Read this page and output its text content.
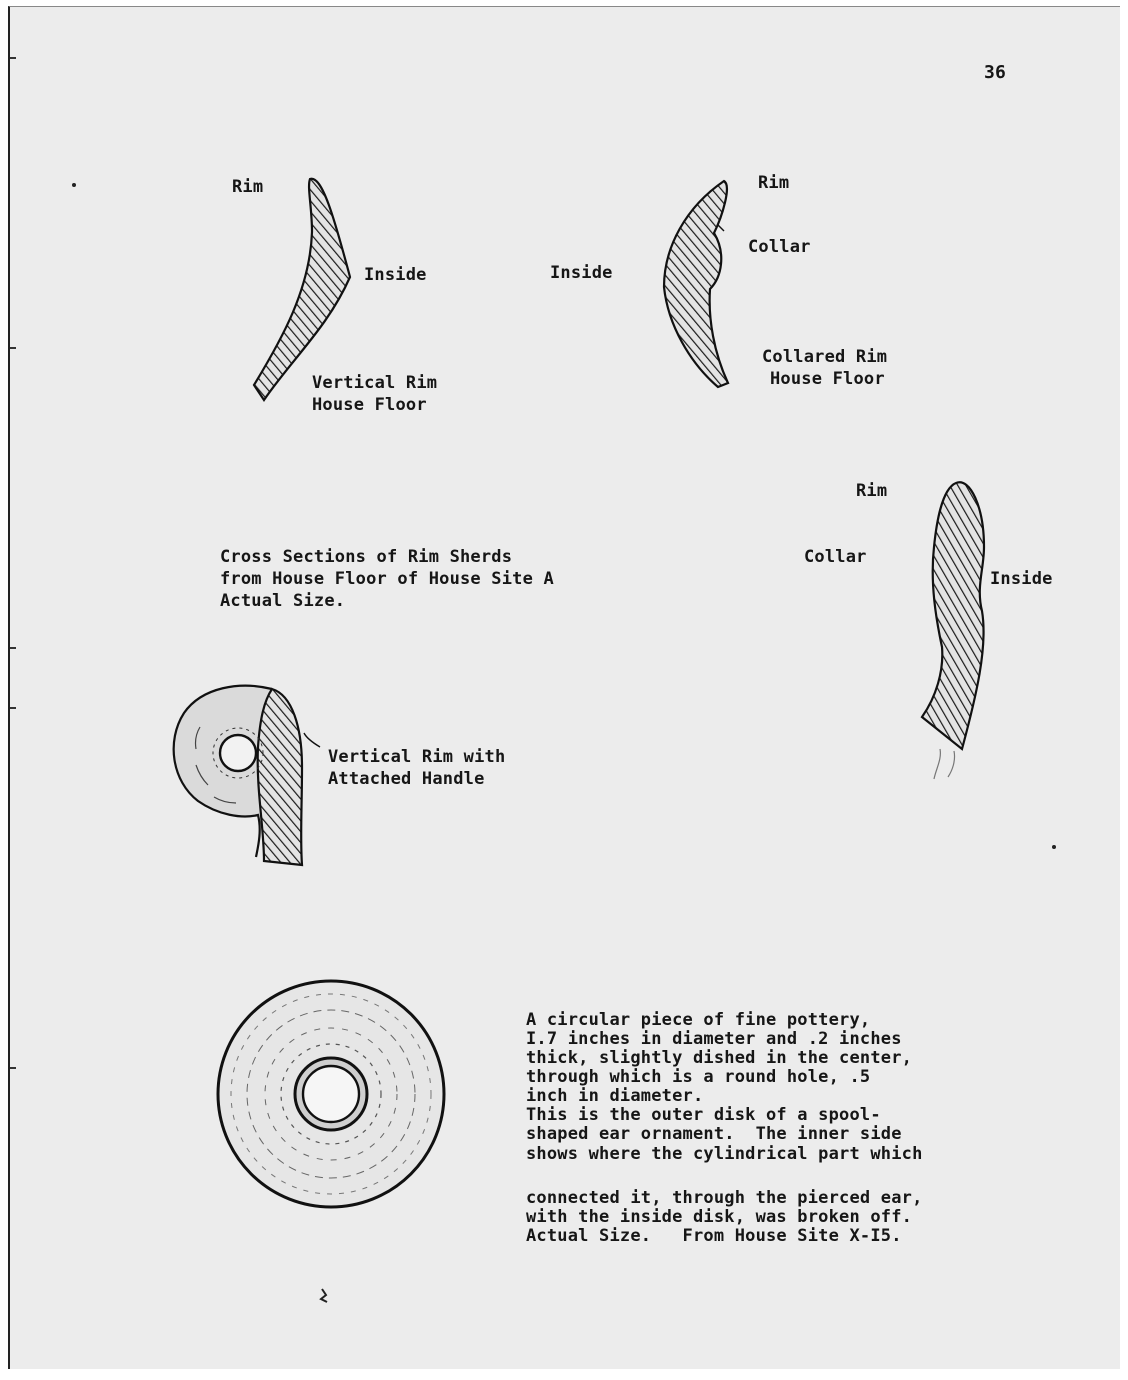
36
Rim
Inside
Vertical Rim
House Floor
Rim
Collar
Inside
Collared Rim
House Floor
Rim
Collar
Inside
Cross Sections of Rim Sherds
from House Floor of House Site A
Actual Size.
Vertical Rim with
Attached Handle
A circular piece of fine pottery,
I.7 inches in diameter and .2 inches
thick, slightly dished in the center,
through which is a round hole, .5
inch in diameter.
This is the outer disk of a spool-
shaped ear ornament.  The inner side
shows where the cylindrical part which
connected it, through the pierced ear,
with the inside disk, was broken off.
Actual Size.   From House Site X-I5.
